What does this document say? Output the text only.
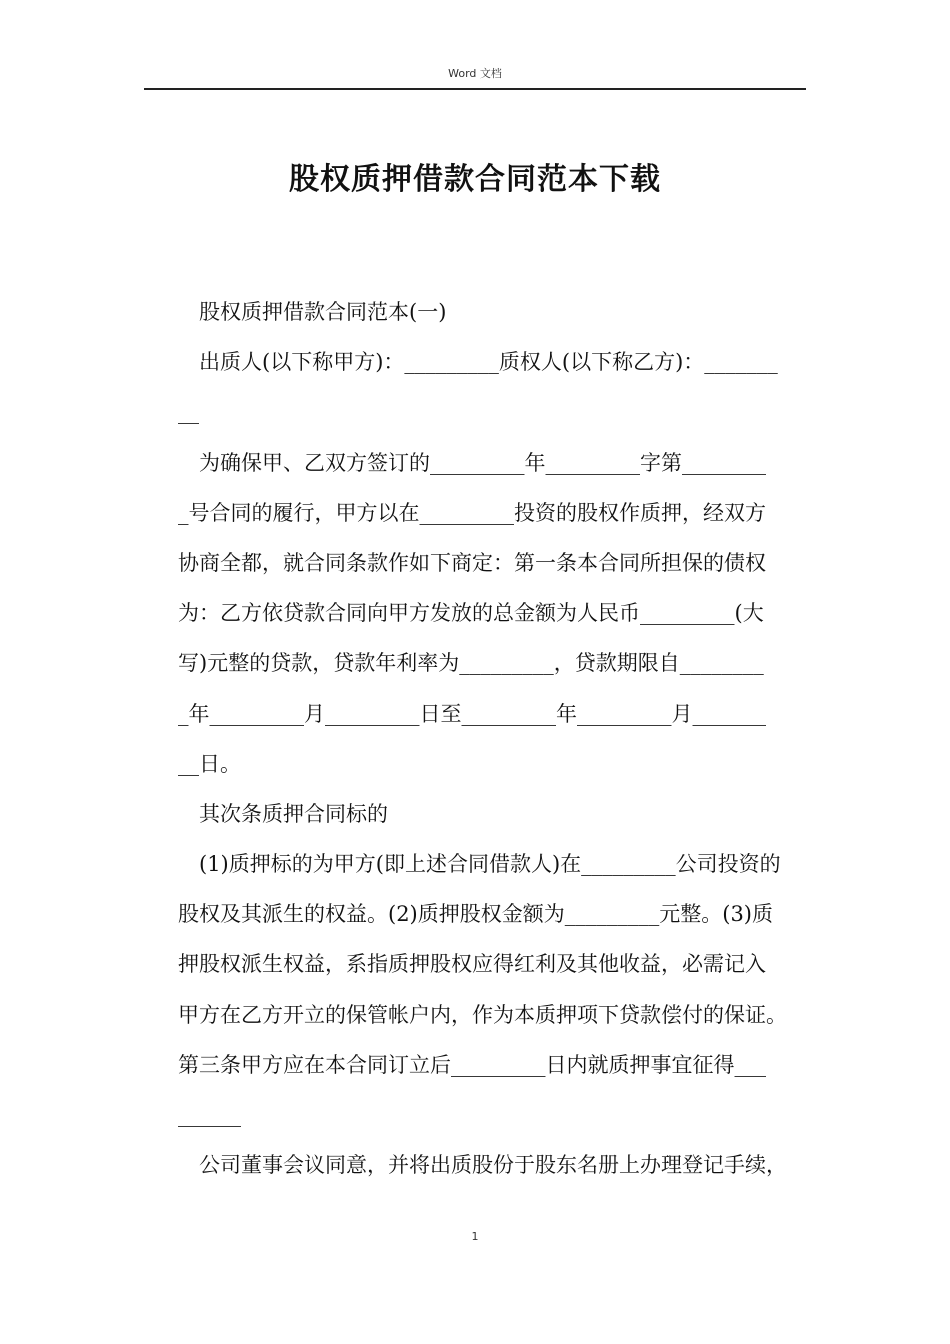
Word 文档
股权质押借款合同范本下载
股权质押借款合同范本(一)
出质人(以下称甲方)：_________质权人(以下称乙方)：_______
__
为确保甲、乙双方签订的_________年_________字第________
_号合同的履行，甲方以在_________投资的股权作质押，经双方
协商全都，就合同条款作如下商定：第一条本合同所担保的债权
为：乙方依贷款合同向甲方发放的总金额为人民币_________(大
写)元整的贷款，贷款年利率为_________，贷款期限自________
_年_________月_________日至_________年_________月_______
__日。
其次条质押合同标的
(1)质押标的为甲方(即上述合同借款人)在_________公司投资的
股权及其派生的权益。(2)质押股权金额为_________元整。(3)质
押股权派生权益，系指质押股权应得红利及其他收益，必需记入
甲方在乙方开立的保管帐户内，作为本质押项下贷款偿付的保证。
第三条甲方应在本合同订立后_________日内就质押事宜征得___
______
公司董事会议同意，并将出质股份于股东名册上办理登记手续，
1
